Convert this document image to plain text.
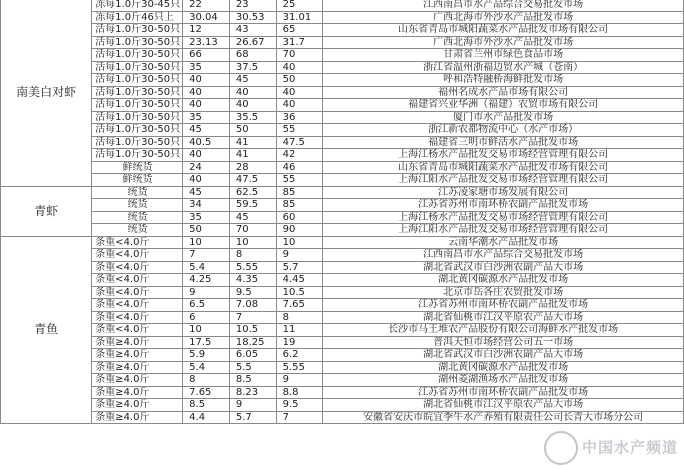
南美白对虾	冻每1.0斤30-45只	22	23	25	江西南昌市水产品综合交易批发市场
	冻每1.0斤46只上	30.04	30.53	31.01	广西北海市外沙水产品批发市场
	活每1.0斤30-50只	12	43	65	山东省青岛市城阳蔬菜水产品批发市场有限公司
	活每1.0斤30-50只	23.13	26.67	31.7	广西北海市外沙水产品批发市场
	活每1.0斤30-50只	66	68	70	甘肃省兰州市绿色食品市场
	活每1.0斤30-50只	35	37.5	40	浙江省温州浙福边贸水产城（苍南）
	活每1.0斤30-50只	40	45	50	呼和浩特融桥海鲜批发市场
	活每1.0斤30-50只	40	40	40	福州名成水产品市场有限公司
	活每1.0斤30-50只	40	40	40	福建省兴业华洲（福建）农贸市场有限公司
	活每1.0斤30-50只	35	35.5	36	厦门市水产品批发市场
	活每1.0斤30-50只	45	50	55	浙江新农都物流中心（水产市场）
	活每1.0斤30-50只	40.5	41	47.5	福建省三明市鲜活水产品批发市场
	活每1.0斤30-50只	40	41	42	上海江杨水产品批发交易市场经营管理有限公司
	鲜统货	24	28	46	山东省青岛市城阳蔬菜水产品批发市场有限公司
	鲜统货	40	47.5	55	上海江阳水产品批发交易市场经营管理有限公司
青虾	统货	45	62.5	85	江苏凌家塘市场发展有限公司
	统货	34	59.5	85	江苏省苏州市南环桥农副产品批发市场
	统货	35	45	60	上海江杨水产品批发交易市场经营管理有限公司
	统货	50	70	90	上海江阳水产品批发交易市场经营管理有限公司
青鱼	条重<4.0斤	10	10	10	云南华潮水产品批发市场
	条重<4.0斤	7	8	9	江西南昌市水产品综合交易批发市场
	条重<4.0斤	5.4	5.55	5.7	湖北省武汉市白沙洲农副产品大市场
	条重<4.0斤	4.25	4.35	4.45	湖北黄冈碳源水产品批发市场
	条重<4.0斤	9	9.5	10.5	北京市岳各庄农贸批发市场
	条重<4.0斤	6.5	7.08	7.65	江苏省苏州市南环桥农副产品批发市场
	条重<4.0斤	6	7	8	湖北省仙桃市江汉平原农产品大市场
	条重<4.0斤	10	10.5	11	长沙市马王堆农产品股份有限公司海鲜水产批发市场
	条重≥4.0斤	17.5	18.25	19	普洱天恒市场经营公司五一市场
	条重≥4.0斤	5.9	6.05	6.2	湖北省武汉市白沙洲农副产品大市场
	条重≥4.0斤	5.4	5.5	5.55	湖北黄冈碳源水产品批发市场
	条重≥4.0斤	8	8.5	9	湖州菱湖渔场水产品批发市场
	条重≥4.0斤	7.65	8.23	8.8	江苏省苏州市南环桥农副产品批发市场
	条重≥4.0斤	8.5	9	9.5	湖北省仙桃市江汉平原农产品大市场
	条重≥4.0斤	4.4	5.7	7	安徽省安庆市皖宜季牛水产养殖有限责任公司长青大市场分公司
中国水产频道
